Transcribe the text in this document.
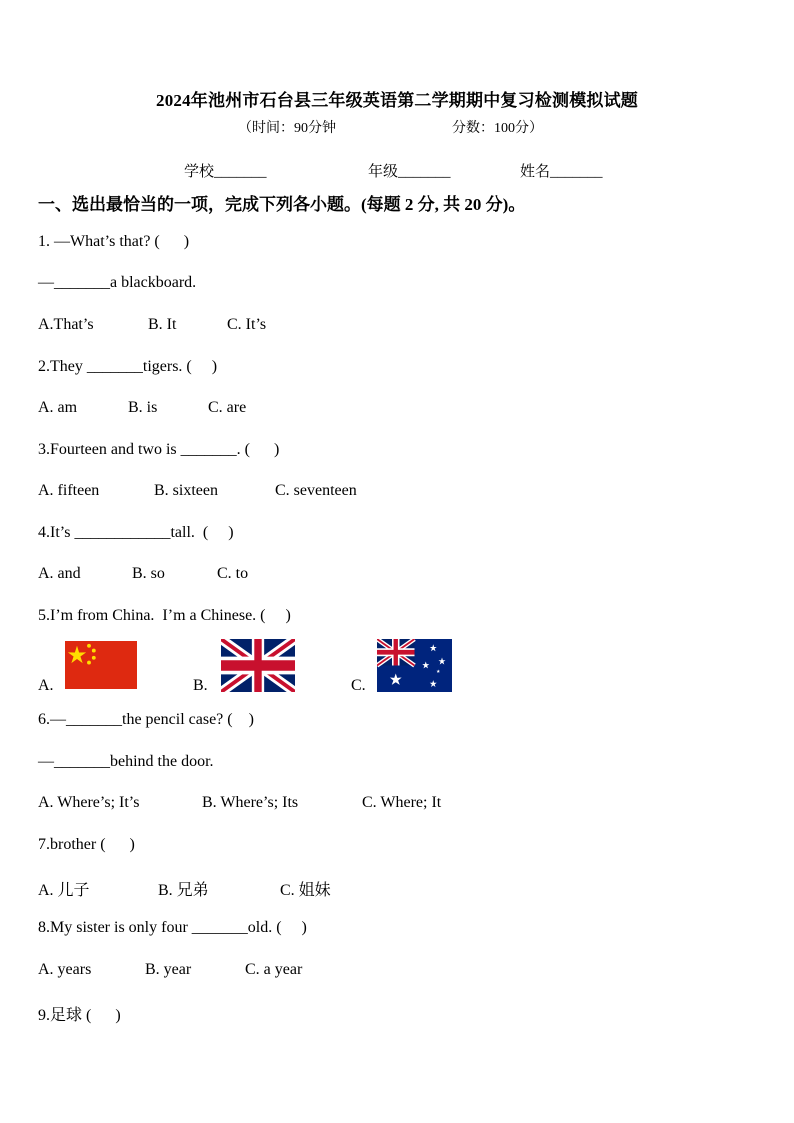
2024年池州市石台县三年级英语第二学期期中复习检测模拟试题
（时间：90分钟	分数：100分）
学校_______	年级_______	姓名_______
一、选出最恰当的一项，完成下列各小题。(每题 2 分, 共 20 分)。
1. —What’s that? (      )
—_______a blackboard.
A.That’s	B. It	C. It’s
2.They _______tigers. (     )
A. am	B. is	C. are
3.Fourteen and two is _______. (      )
A. fifteen	B. sixteen	C. seventeen
4.It’s ____________tall.  (     )
A. and	B. so	C. to
5.I’m from China.  I’m a Chinese. (     )
A.	B.	C.
6.—_______the pencil case? (    )
—_______behind the door.
A. Where’s; It’s	B. Where’s; Its	C. Where; It
7.brother (      )
A. 儿子	B. 兄弟	C. 姐妹
8.My sister is only four _______old. (     )
A. years	B. year	C. a year
9.足球 (      )
